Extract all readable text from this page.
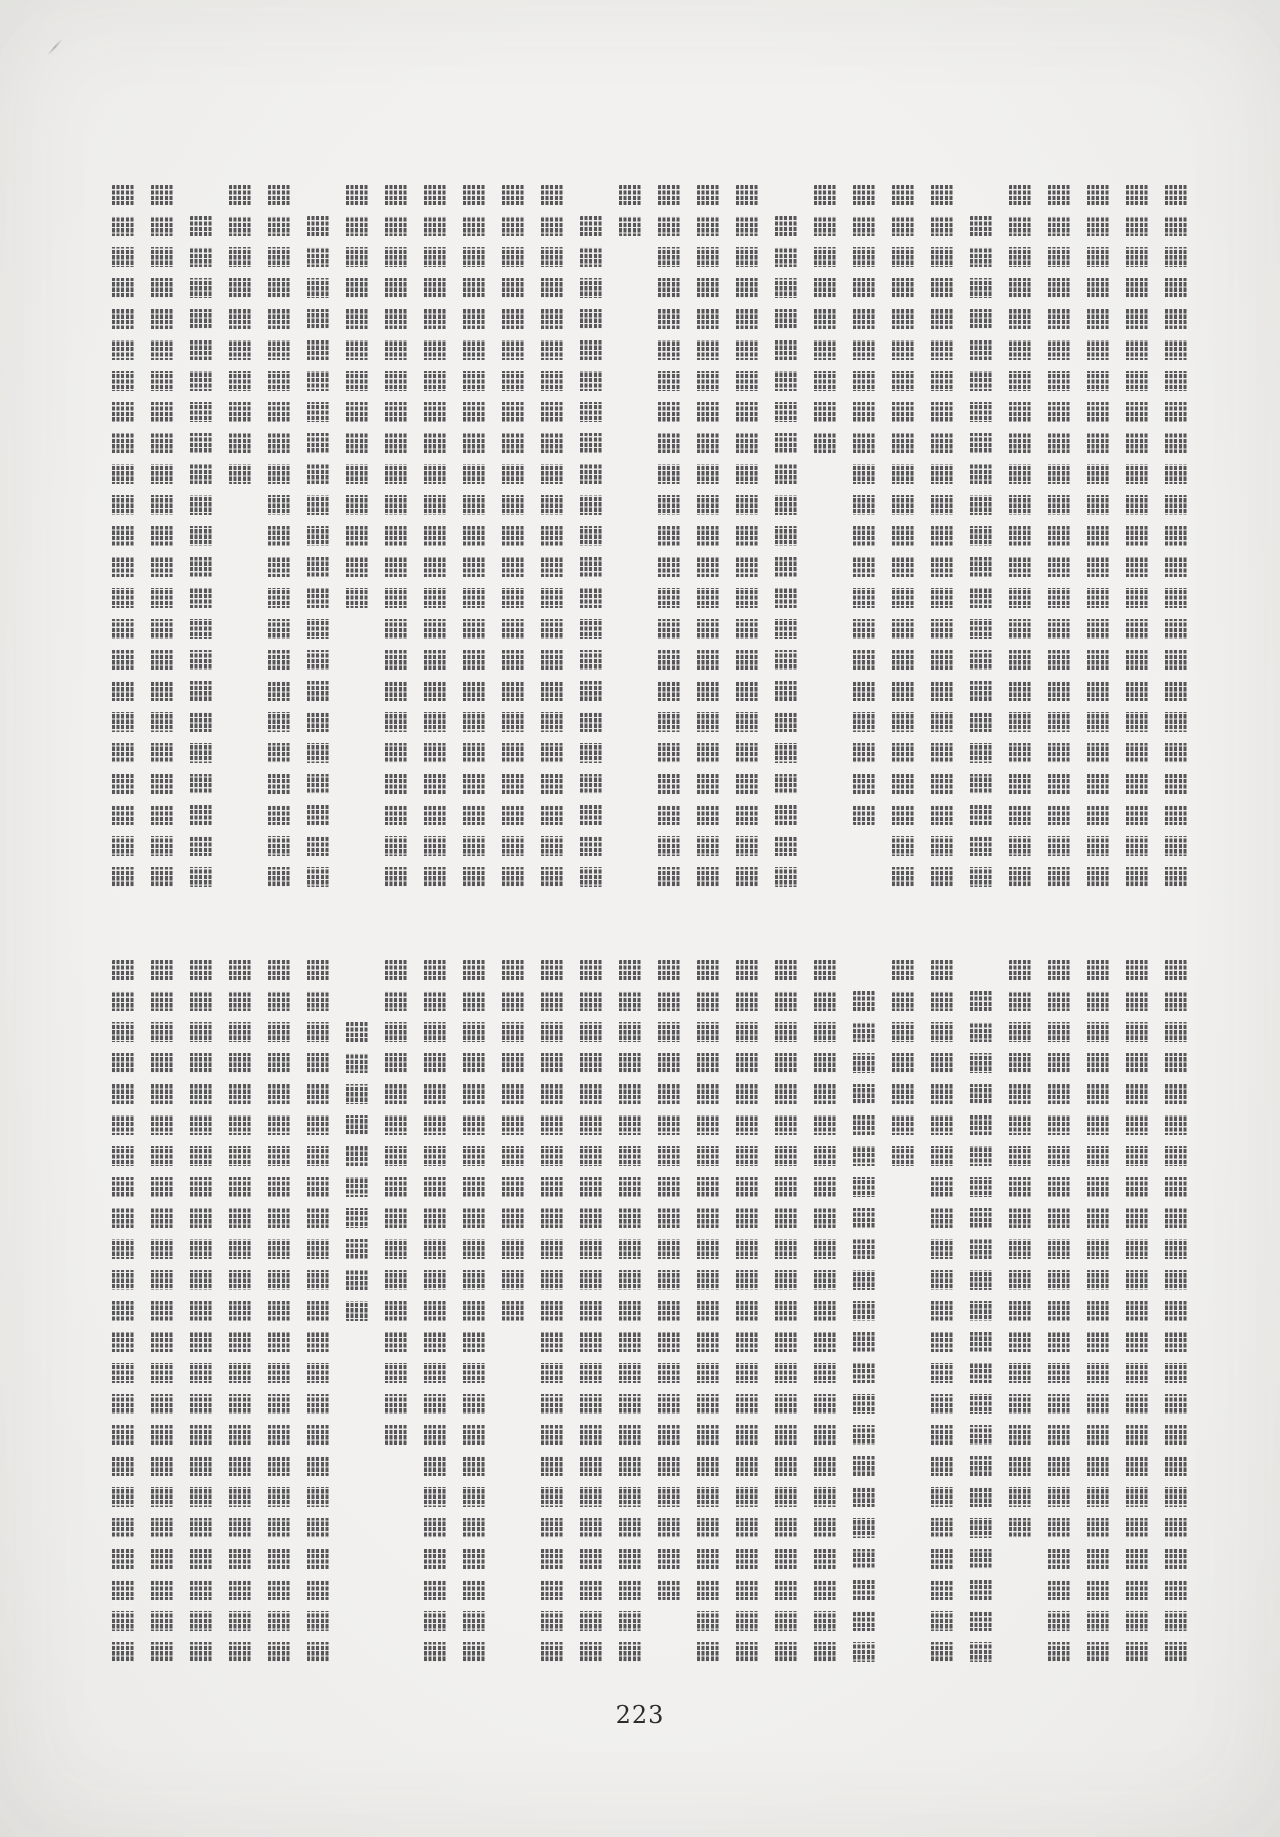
223
